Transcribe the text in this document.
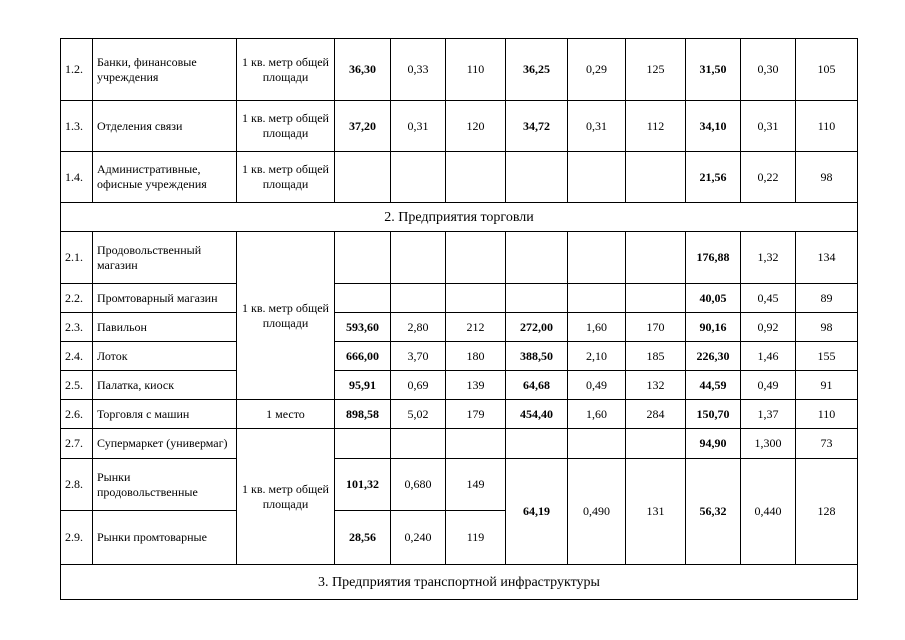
1.2.	Банки, финансовые учреждения	1 кв. метр общей площади	36,30	0,33	110	36,25	0,29	125	31,50	0,30	105
1.3.	Отделения связи	1 кв. метр общей площади	37,20	0,31	120	34,72	0,31	112	34,10	0,31	110
1.4.	Административные, офисные учреждения	1 кв. метр общей площади							21,56	0,22	98
2. Предприятия торговли											
2.1.	Продовольственный магазин	1 кв. метр общей площади							176,88	1,32	134
2.2.	Промтоварный магазин								40,05	0,45	89
2.3.	Павильон		593,60	2,80	212	272,00	1,60	170	90,16	0,92	98
2.4.	Лоток		666,00	3,70	180	388,50	2,10	185	226,30	1,46	155
2.5.	Палатка, киоск		95,91	0,69	139	64,68	0,49	132	44,59	0,49	91
2.6.	Торговля с машин	1 место	898,58	5,02	179	454,40	1,60	284	150,70	1,37	110
2.7.	Супермаркет (универмаг)	1 кв. метр общей площади							94,90	1,300	73
2.8.	Рынки продовольственные		101,32	0,680	149	64,19	0,490	131	56,32	0,440	128
2.9.	Рынки промтоварные		28,56	0,240	119						
3. Предприятия транспортной инфраструктуры											
